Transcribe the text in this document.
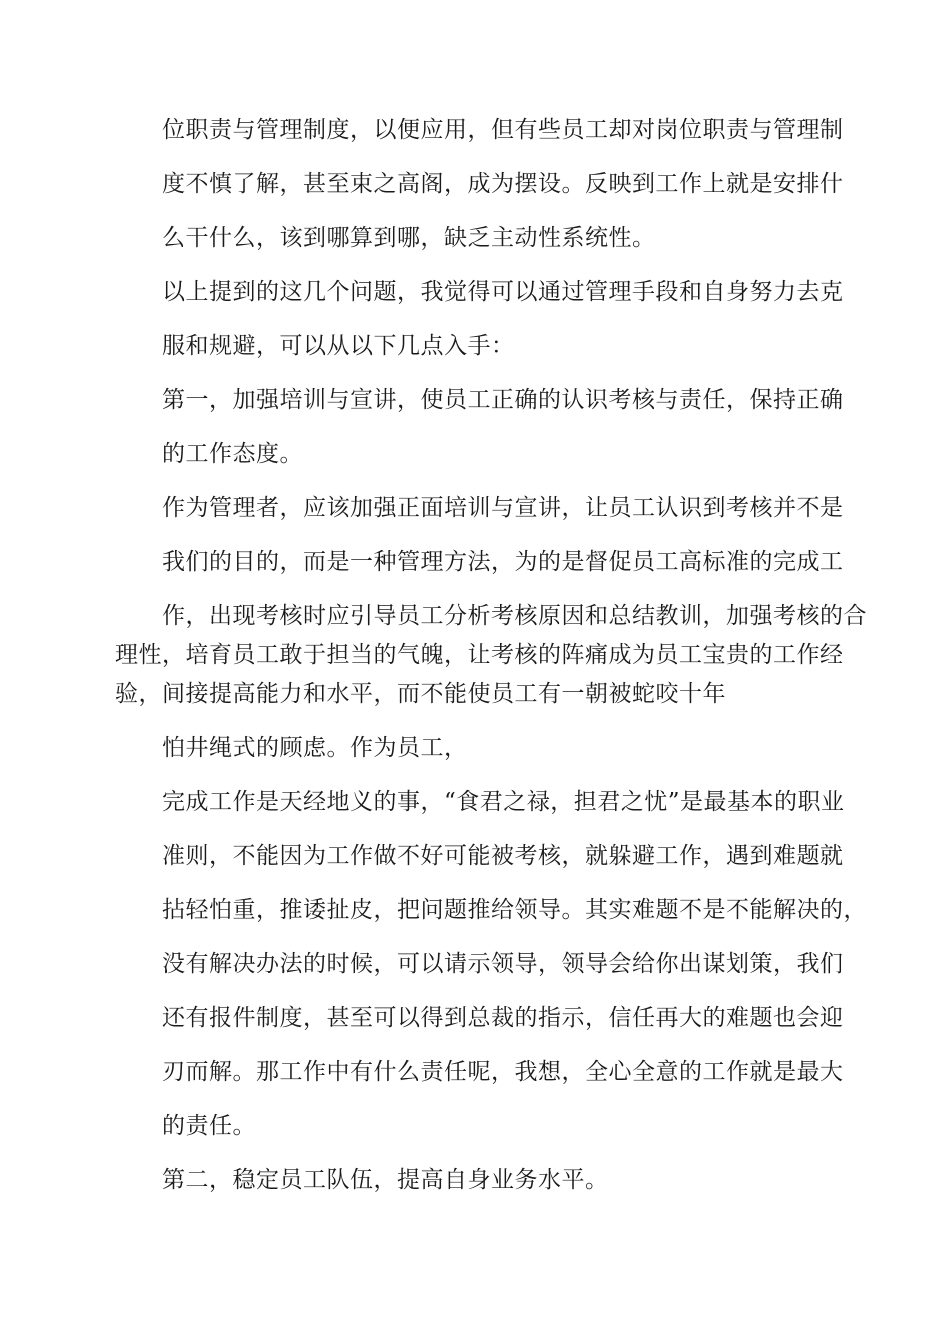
位职责与管理制度，以便应用，但有些员工却对岗位职责与管理制
度不慎了解，甚至束之高阁，成为摆设。反映到工作上就是安排什
么干什么，该到哪算到哪，缺乏主动性系统性。
以上提到的这几个问题，我觉得可以通过管理手段和自身努力去克
服和规避，可以从以下几点入手：
第一，加强培训与宣讲，使员工正确的认识考核与责任，保持正确
的工作态度。
作为管理者，应该加强正面培训与宣讲，让员工认识到考核并不是
我们的目的，而是一种管理方法，为的是督促员工高标准的完成工
作，出现考核时应引导员工分析考核原因和总结教训，加强考核的合
理性，培育员工敢于担当的气魄，让考核的阵痛成为员工宝贵的工作经
验，间接提高能力和水平，而不能使员工有一朝被蛇咬十年
怕井绳式的顾虑。作为员工，
完成工作是天经地义的事，“食君之禄，担君之忧”是最基本的职业
准则，不能因为工作做不好可能被考核，就躲避工作，遇到难题就
拈轻怕重，推诿扯皮，把问题推给领导。其实难题不是不能解决的，
没有解决办法的时候，可以请示领导，领导会给你出谋划策，我们
还有报件制度，甚至可以得到总裁的指示，信任再大的难题也会迎
刃而解。那工作中有什么责任呢，我想，全心全意的工作就是最大
的责任。
第二，稳定员工队伍，提高自身业务水平。
